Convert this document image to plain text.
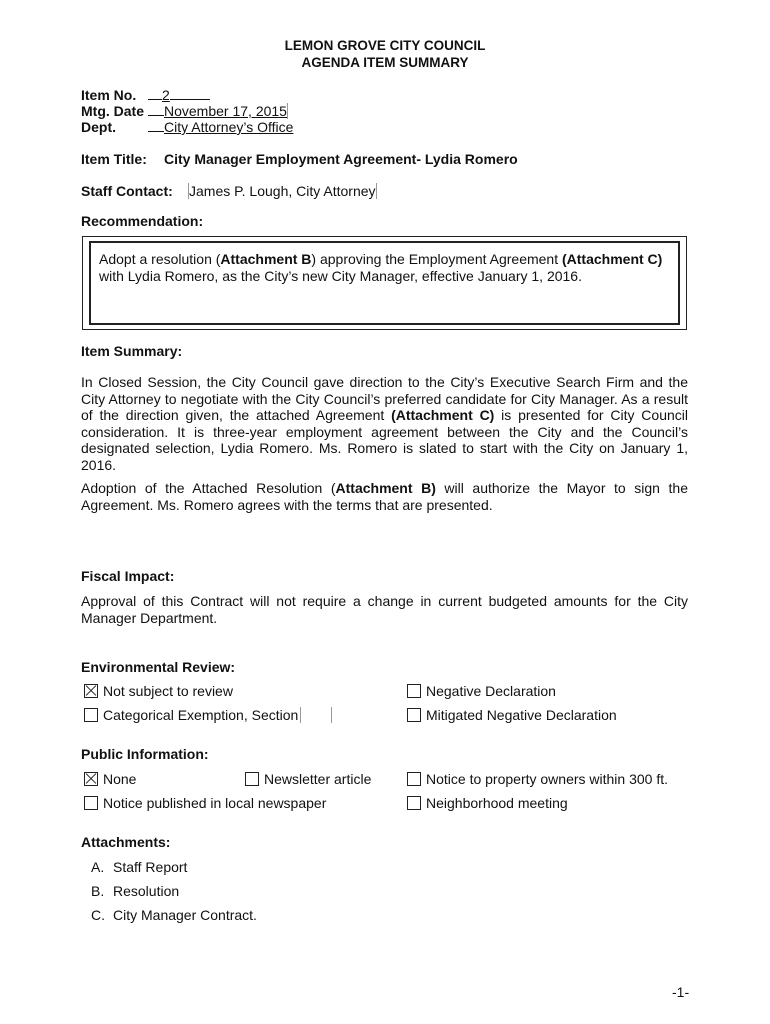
LEMON GROVE CITY COUNCIL
AGENDA ITEM SUMMARY
Item No.	2
Mtg. Date	November 17, 2015
Dept.	City Attorney’s Office
Item Title: City Manager Employment Agreement- Lydia Romero
Staff Contact: James P. Lough, City Attorney
Recommendation:
Adopt a resolution (Attachment B) approving the Employment Agreement (Attachment C)
with Lydia Romero, as the City’s new City Manager, effective January 1, 2016.
Item Summary:
In Closed Session, the City Council gave direction to the City’s Executive Search Firm and the City Attorney to negotiate with the City Council’s preferred candidate for City Manager. As a result of the direction given, the attached Agreement (Attachment C) is presented for City Council consideration. It is three-year employment agreement between the City and the Council’s designated selection, Lydia Romero. Ms. Romero is slated to start with the City on January 1, 2016.
Adoption of the Attached Resolution (Attachment B) will authorize the Mayor to sign the Agreement. Ms. Romero agrees with the terms that are presented.
Fiscal Impact:
Approval of this Contract will not require a change in current budgeted amounts for the City Manager Department.
Environmental Review:
Not subject to review	Negative Declaration
Categorical Exemption, Section	Mitigated Negative Declaration
Public Information:
None	Newsletter article	Notice to property owners within 300 ft.
Notice published in local newspaper	Neighborhood meeting
Attachments:
A. Staff Report
B. Resolution
C. City Manager Contract.
-1-
